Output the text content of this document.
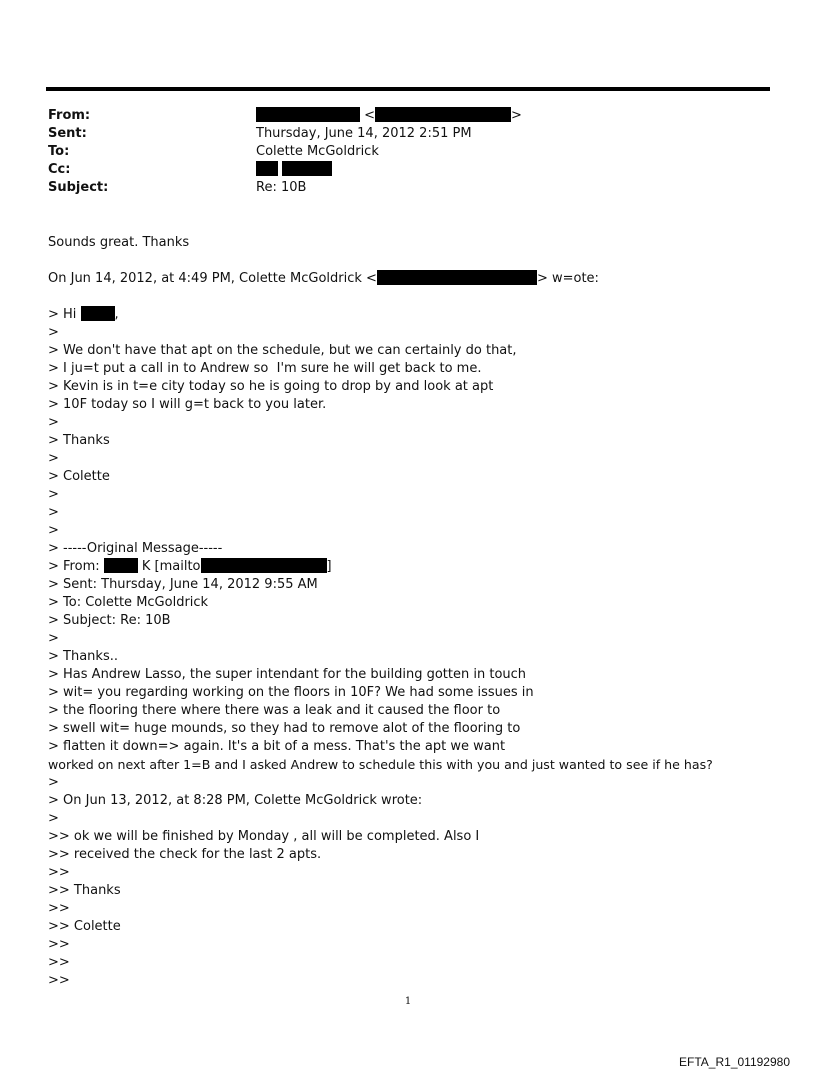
From:	<	>
Sent:	Thursday, June 14, 2012 2:51 PM
To:	Colette McGoldrick
Cc:

Subject:	Re: 10B
Sounds great. Thanks
On Jun 14, 2012, at 4:49 PM, Colette McGoldrick <	> w=ote:
> Hi	,
>
> We don't have that apt on the schedule, but we can certainly do that,
> I ju=t put a call in to Andrew so  I'm sure he will get back to me.
> Kevin is in t=e city today so he is going to drop by and look at apt
> 10F today so I will g=t back to you later.
>
> Thanks
>
> Colette
>
>
>
> -----Original Message-----
> From:	K [mailto	]
> Sent: Thursday, June 14, 2012 9:55 AM
> To: Colette McGoldrick
> Subject: Re: 10B
>
> Thanks..
> Has Andrew Lasso, the super intendant for the building gotten in touch
> wit= you regarding working on the floors in 10F? We had some issues in
> the flooring there where there was a leak and it caused the floor to
> swell wit= huge mounds, so they had to remove alot of the flooring to
> flatten it down=> again. It's a bit of a mess. That's the apt we want
worked on next after 1=B and I asked Andrew to schedule this with you and just wanted to see if he has?
>
> On Jun 13, 2012, at 8:28 PM, Colette McGoldrick wrote:
>
>> ok we will be finished by Monday , all will be completed. Also I
>> received the check for the last 2 apts.
>>
>> Thanks
>>
>> Colette
>>
>>
>>
1
EFTA_R1_01192980
